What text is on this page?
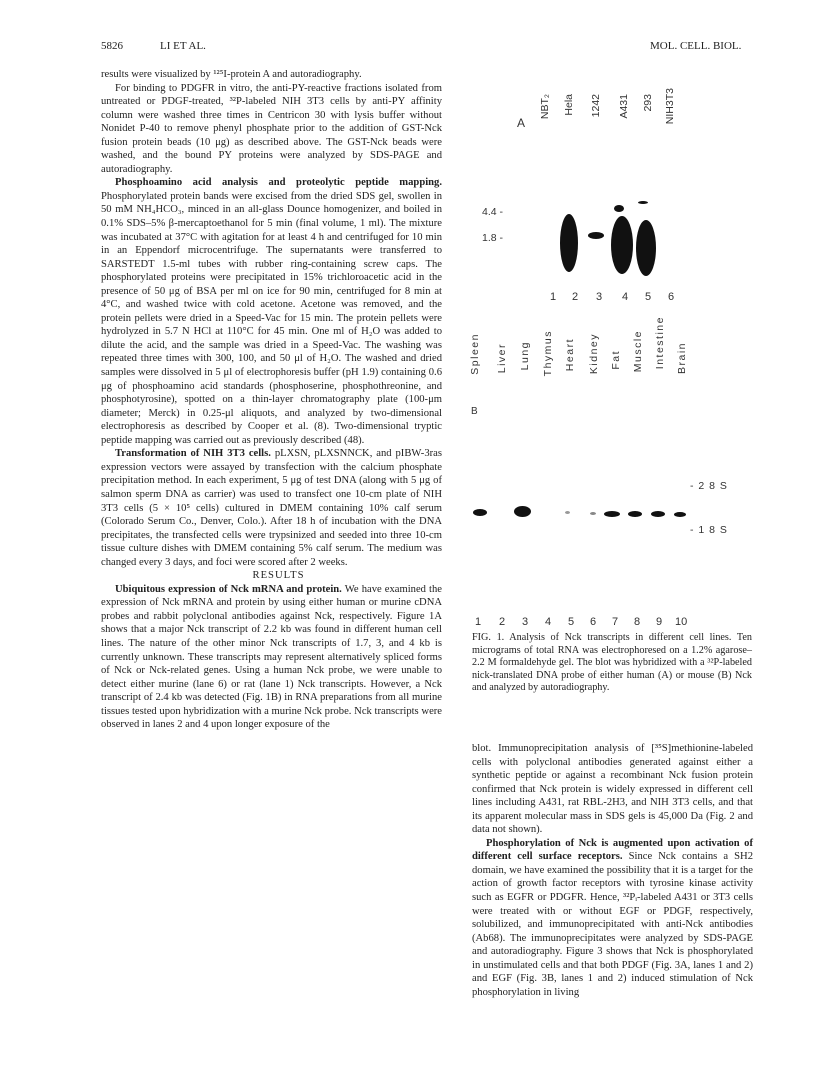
5826	LI ET AL.	MOL. CELL. BIOL.

results were visualized by ¹²⁵I-protein A and autoradiography.

For binding to PDGFR in vitro, the anti-PY-reactive fractions isolated from untreated or PDGF-treated, ³²P-labeled NIH 3T3 cells by anti-PY affinity column were washed three times in Centricon 30 with lysis buffer without Nonidet P-40 to remove phenyl phosphate prior to the addition of GST-Nck fusion protein beads (10 μg) as described above. The GST-Nck beads were washed, and the bound PY proteins were analyzed by SDS-PAGE and autoradiography.

Phosphoamino acid analysis and proteolytic peptide mapping. Phosphorylated protein bands were excised from the dried SDS gel, swollen in 50 mM NH₄HCO₃, minced in an all-glass Dounce homogenizer, and boiled in 0.1% SDS–5% β-mercaptoethanol for 5 min (final volume, 1 ml). The mixture was incubated at 37°C with agitation for at least 4 h and centrifuged for 10 min in an Eppendorf microcentrifuge. The supernatants were transferred to SARSTEDT 1.5-ml tubes with rubber ring-containing screw caps. The phosphorylated proteins were precipitated in 15% trichloroacetic acid in the presence of 50 μg of BSA per ml on ice for 90 min, centrifuged for 8 min at 4°C, and washed twice with cold acetone. Acetone was removed, and the protein pellets were dried in a Speed-Vac for 15 min. The protein pellets were hydrolyzed in 5.7 N HCl at 110°C for 45 min. One ml of H₂O was added to dilute the acid, and the sample was dried in a Speed-Vac. The washing was repeated three times with 300, 100, and 50 μl of H₂O. The washed and dried samples were dissolved in 5 μl of electrophoresis buffer (pH 1.9) containing 0.6 μg of phosphoamino acid standards (phosphoserine, phosphothreonine, and phosphotyrosine), spotted on a thin-layer chromatography plate (100-μm diameter; Merck) in 0.25-μl aliquots, and analyzed by two-dimensional electrophoresis as described by Cooper et al. (8). Two-dimensional tryptic peptide mapping was carried out as previously described (48).

Transformation of NIH 3T3 cells. pLXSN, pLXSNNCK, and pIBW-3ras expression vectors were assayed by transfection with the calcium phosphate precipitation method. In each experiment, 5 μg of test DNA (along with 5 μg of salmon sperm DNA as carrier) was used to transfect one 10-cm plate of NIH 3T3 cells (5 × 10⁵ cells) cultured in DMEM containing 10% calf serum (Colorado Serum Co., Denver, Colo.). After 18 h of incubation with the DNA precipitates, the transfected cells were trypsinized and seeded into three 10-cm tissue culture dishes with DMEM containing 5% calf serum. The medium was changed every 3 days, and foci were scored after 2 weeks.

RESULTS

Ubiquitous expression of Nck mRNA and protein. We have examined the expression of Nck mRNA and protein by using either human or murine cDNA probes and rabbit polyclonal antibodies against Nck, respectively. Figure 1A shows that a major Nck transcript of 2.2 kb was found in different human cell lines. The nature of the other minor Nck transcripts of 1.7, 3, and 4 kb is currently unknown. These transcripts may represent alternatively spliced forms of Nck or Nck-related genes. Using a human Nck probe, we were unable to detect either murine (lane 6) or rat (lane 1) Nck transcripts. However, a Nck transcript of 2.4 kb was detected (Fig. 1B) in RNA preparations from all murine tissues tested upon hybridization with a murine Nck probe. Nck transcripts were observed in lanes 2 and 4 upon longer exposure of the

A
NBT₂ Hela 1242 A431 293 NIH3T3
4.4 -
1.8 -
1 2 3 4 5 6
B
Spleen Liver Lung Thymus Heart Kidney Fat Muscle Intestine Brain
- 2 8 S
- 1 8 S
1 2 3 4 5 6 7 8 9 10
FIG. 1. Analysis of Nck transcripts in different cell lines. Ten micrograms of total RNA was electrophoresed on a 1.2% agarose–2.2 M formaldehyde gel. The blot was hybridized with a ³²P-labeled nick-translated DNA probe of either human (A) or mouse (B) Nck and analyzed by autoradiography.

blot. Immunoprecipitation analysis of [³⁵S]methionine-labeled cells with polyclonal antibodies generated against either a synthetic peptide or against a recombinant Nck fusion protein confirmed that Nck protein is widely expressed in different cell lines including A431, rat RBL-2H3, and NIH 3T3 cells, and that its apparent molecular mass in SDS gels is 45,000 Da (Fig. 2 and data not shown).

Phosphorylation of Nck is augmented upon activation of different cell surface receptors. Since Nck contains a SH2 domain, we have examined the possibility that it is a target for the action of growth factor receptors with tyrosine kinase activity such as EGFR or PDGFR. Hence, ³²Pᵢ-labeled A431 or 3T3 cells were treated with or without EGF or PDGF, respectively, solubilized, and immunoprecipitated with anti-Nck antibodies (Ab68). The immunoprecipitates were analyzed by SDS-PAGE and autoradiography. Figure 3 shows that Nck is phosphorylated in unstimulated cells and that both PDGF (Fig. 3A, lanes 1 and 2) and EGF (Fig. 3B, lanes 1 and 2) induced stimulation of Nck phosphorylation in living
